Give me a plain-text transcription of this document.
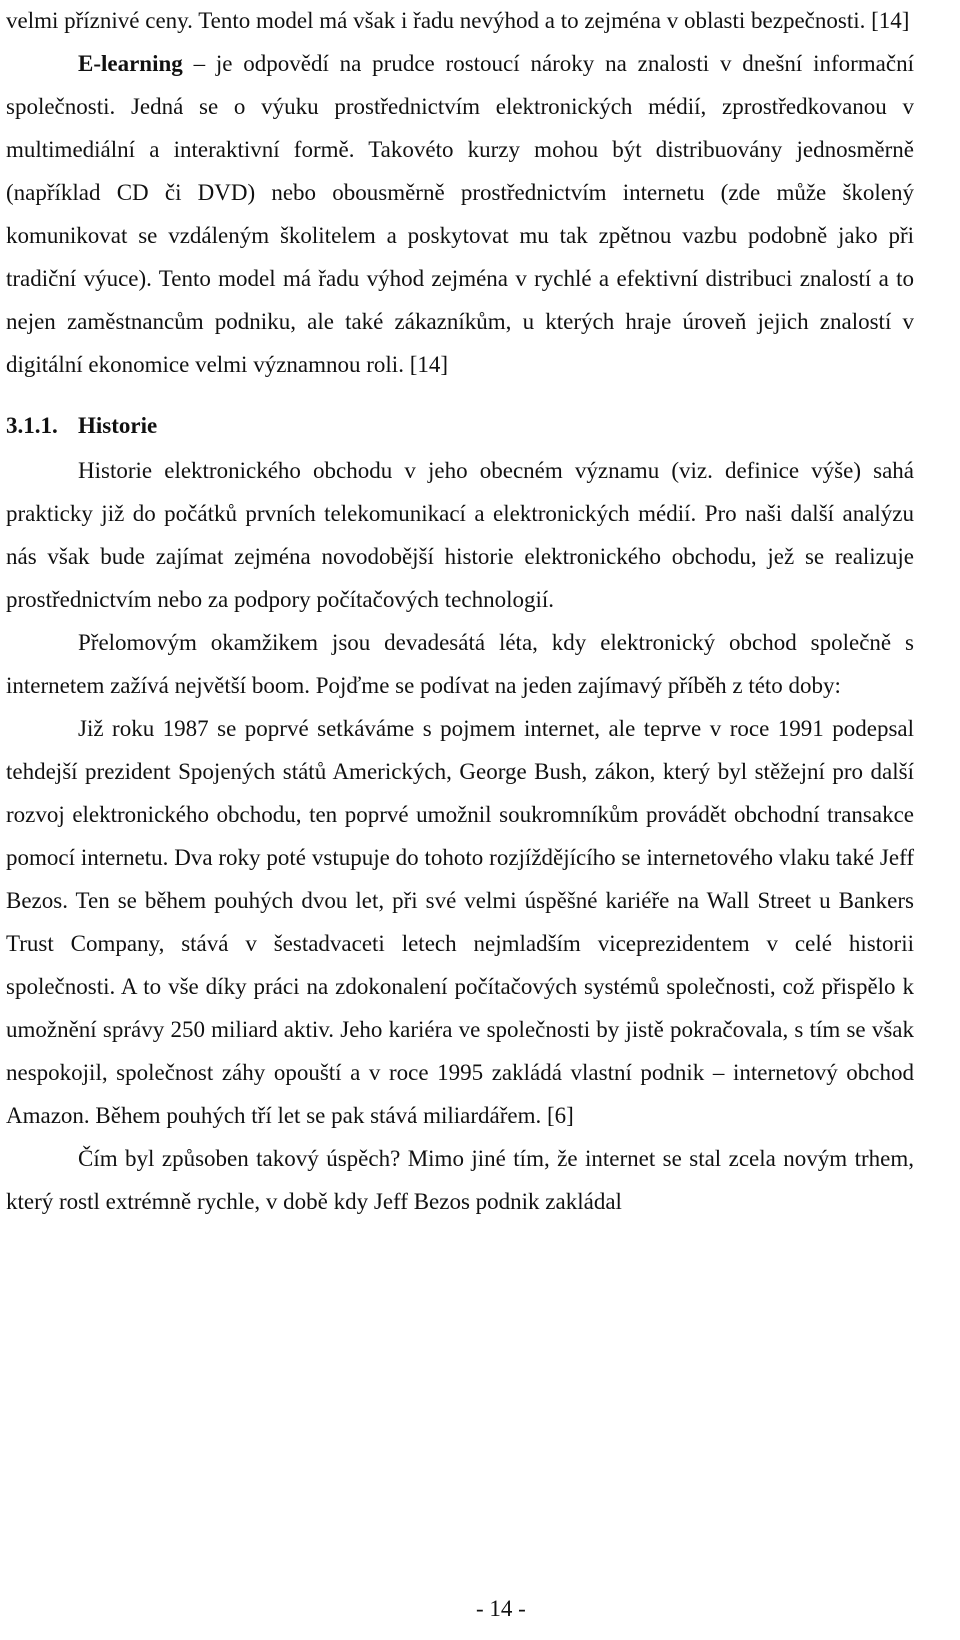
velmi příznivé ceny. Tento model má však i řadu nevýhod a to zejména v oblasti bezpečnosti. [14]

E-learning – je odpovědí na prudce rostoucí nároky na znalosti v dnešní informační společnosti. Jedná se o výuku prostřednictvím elektronických médií, zprostředkovanou v multimediální a interaktivní formě. Takovéto kurzy mohou být distribuovány jednosměrně (například CD či DVD) nebo obousměrně prostřednictvím internetu (zde může školený komunikovat se vzdáleným školitelem a poskytovat mu tak zpětnou vazbu podobně jako při tradiční výuce). Tento model má řadu výhod zejména v rychlé a efektivní distribuci znalostí a to nejen zaměstnancům podniku, ale také zákazníkům, u kterých hraje úroveň jejich znalostí v digitální ekonomice velmi významnou roli. [14]

3.1.1. Historie

Historie elektronického obchodu v jeho obecném významu (viz. definice výše) sahá prakticky již do počátků prvních telekomunikací a elektronických médií. Pro naši další analýzu nás však bude zajímat zejména novodobější historie elektronického obchodu, jež se realizuje prostřednictvím nebo za podpory počítačových technologií.

Přelomovým okamžikem jsou devadesátá léta, kdy elektronický obchod společně s internetem zažívá největší boom. Pojďme se podívat na jeden zajímavý příběh z této doby:

Již roku 1987 se poprvé setkáváme s pojmem internet, ale teprve v roce 1991 podepsal tehdejší prezident Spojených států Amerických, George Bush, zákon, který byl stěžejní pro další rozvoj elektronického obchodu, ten poprvé umožnil soukromníkům provádět obchodní transakce pomocí internetu. Dva roky poté vstupuje do tohoto rozjíždějícího se internetového vlaku také Jeff Bezos. Ten se během pouhých dvou let, při své velmi úspěšné kariéře na Wall Street u Bankers Trust Company, stává v šestadvaceti letech nejmladším viceprezidentem v celé historii společnosti. A to vše díky práci na zdokonalení počítačových systémů společnosti, což přispělo k umožnění správy 250 miliard aktiv. Jeho kariéra ve společnosti by jistě pokračovala, s tím se však nespokojil, společnost záhy opouští a v roce 1995 zakládá vlastní podnik – internetový obchod Amazon. Během pouhých tří let se pak stává miliardářem. [6]

Čím byl způsoben takový úspěch? Mimo jiné tím, že internet se stal zcela novým trhem, který rostl extrémně rychle, v době kdy Jeff Bezos podnik zakládal

- 14 -
